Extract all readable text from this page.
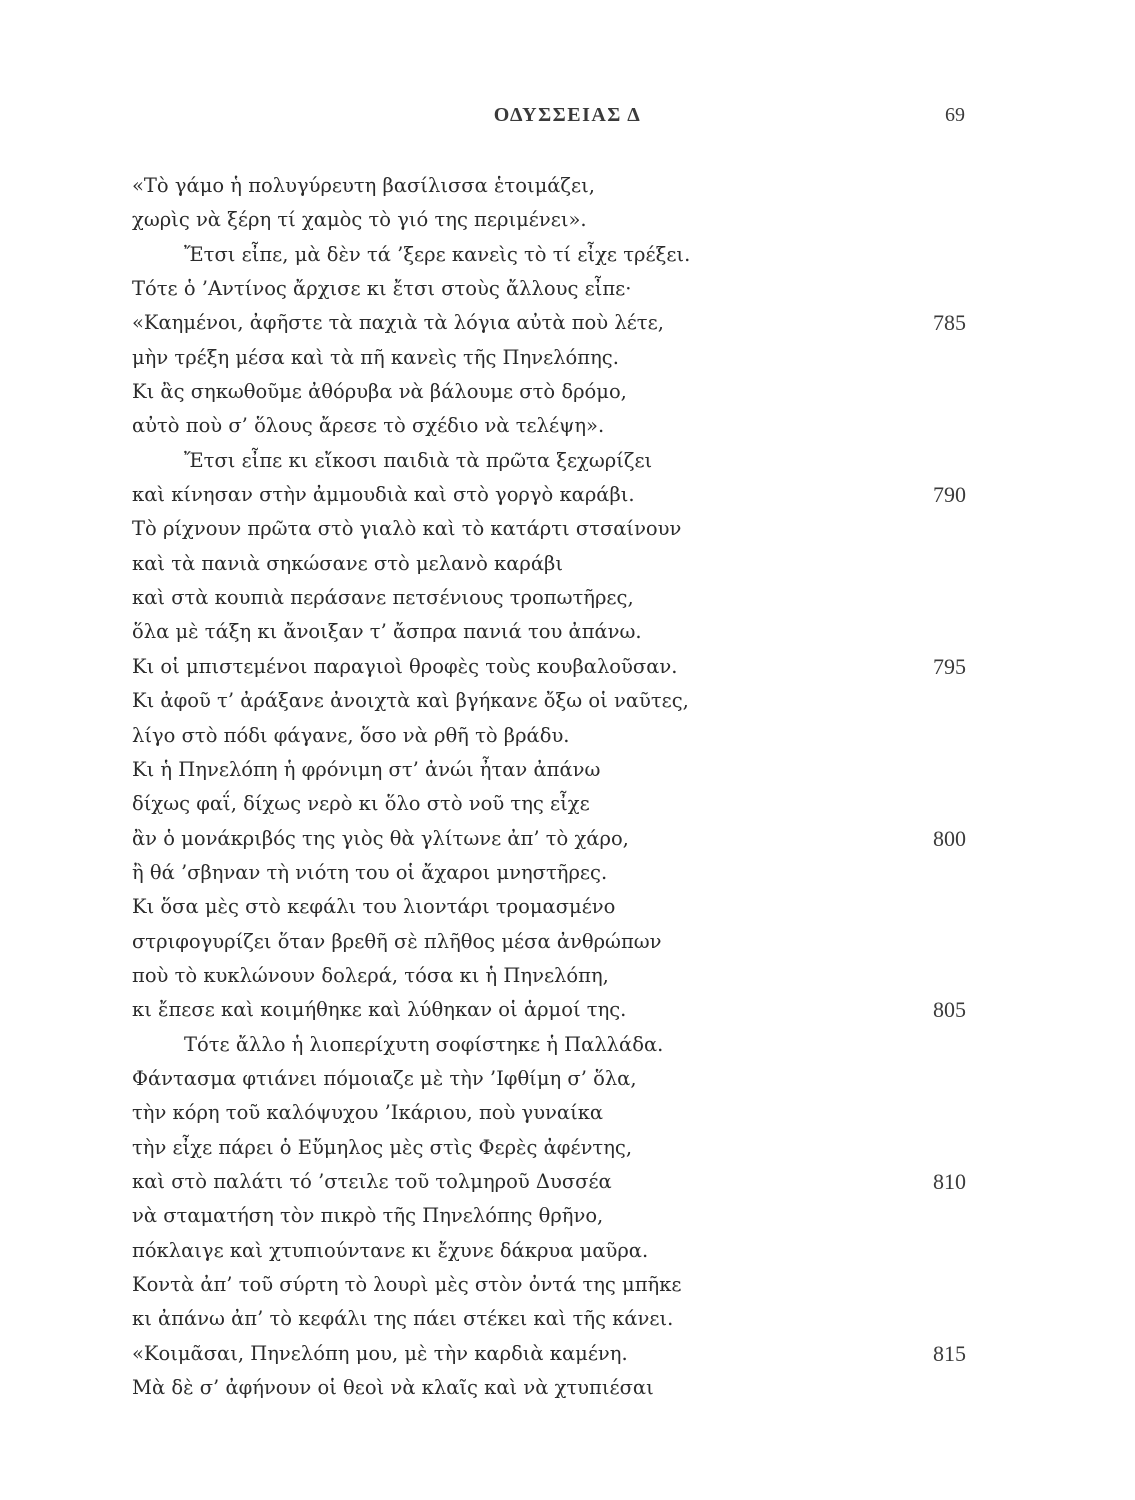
ΟΔΥΣΣΕΙΑΣ Δ	69
«Τὸ γάμο ἡ πολυγύρευτη βασίλισσα ἑτοιμάζει,
χωρὶς νὰ ξέρη τί χαμὸς τὸ γιό της περιμένει».
Ἔτσι εἶπε, μὰ δὲν τά ’ξερε κανεὶς τὸ τί εἶχε τρέξει.
Τότε ὁ ’Αντίνος ἄρχισε κι ἔτσι στοὺς ἄλλους εἶπε·
«Καημένοι, ἀφῆστε τὰ παχιὰ τὰ λόγια αὐτὰ ποὺ λέτε,	785
μὴν τρέξη μέσα καὶ τὰ πῆ κανεὶς τῆς Πηνελόπης.
Κι ἂς σηκωθοῦμε ἀθόρυβα νὰ βάλουμε στὸ δρόμο,
αὐτὸ ποὺ σ’ ὅλους ἄρεσε τὸ σχέδιο νὰ τελέψη».
Ἔτσι εἶπε κι εἴκοσι παιδιὰ τὰ πρῶτα ξεχωρίζει
καὶ κίνησαν στὴν ἀμμουδιὰ καὶ στὸ γοργὸ καράβι.	790
Τὸ ρίχνουν πρῶτα στὸ γιαλὸ καὶ τὸ κατάρτι στσαίνουν
καὶ τὰ πανιὰ σηκώσανε στὸ μελανὸ καράβι
καὶ στὰ κουπιὰ περάσανε πετσένιους τροπωτῆρες,
ὅλα μὲ τάξη κι ἄνοιξαν τ’ ἄσπρα πανιά του ἀπάνω.
Κι οἱ μπιστεμένοι παραγιοὶ θροφὲς τοὺς κουβαλοῦσαν.	795
Κι ἀφοῦ τ’ ἀράξανε ἀνοιχτὰ καὶ βγήκανε ὄξω οἱ ναῦτες,
λίγο στὸ πόδι φάγανε, ὅσο νὰ ρθῆ τὸ βράδυ.
Κι ἡ Πηνελόπη ἡ φρόνιμη στ’ ἀνώι ἦταν ἀπάνω
δίχως φαΐ, δίχως νερὸ κι ὅλο στὸ νοῦ της εἶχε
ἂν ὁ μονάκριβός της γιὸς θὰ γλίτωνε ἀπ’ τὸ χάρο,	800
ἢ θά ’σβηναν τὴ νιότη του οἱ ἄχαροι μνηστῆρες.
Κι ὅσα μὲς στὸ κεφάλι του λιοντάρι τρομασμένο
στριφογυρίζει ὅταν βρεθῆ σὲ πλῆθος μέσα ἀνθρώπων
ποὺ τὸ κυκλώνουν δολερά, τόσα κι ἡ Πηνελόπη,
κι ἔπεσε καὶ κοιμήθηκε καὶ λύθηκαν οἱ ἁρμοί της.	805
Τότε ἄλλο ἡ λιοπερίχυτη σοφίστηκε ἡ Παλλάδα.
Φάντασμα φτιάνει πόμοιαζε μὲ τὴν ’Ιφθίμη σ’ ὅλα,
τὴν κόρη τοῦ καλόψυχου ’Ικάριου, ποὺ γυναίκα
τὴν εἶχε πάρει ὁ Εὔμηλος μὲς στὶς Φερὲς ἀφέντης,
καὶ στὸ παλάτι τό ’στειλε τοῦ τολμηροῦ Δυσσέα	810
νὰ σταματήση τὸν πικρὸ τῆς Πηνελόπης θρῆνο,
πόκλαιγε καὶ χτυπιούντανε κι ἔχυνε δάκρυα μαῦρα.
Κοντὰ ἀπ’ τοῦ σύρτη τὸ λουρὶ μὲς στὸν ὀντά της μπῆκε
κι ἀπάνω ἀπ’ τὸ κεφάλι της πάει στέκει καὶ τῆς κάνει.
«Κοιμᾶσαι, Πηνελόπη μου, μὲ τὴν καρδιὰ καμένη.	815
Μὰ δὲ σ’ ἀφήνουν οἱ θεοὶ νὰ κλαῖς καὶ νὰ χτυπιέσαι
